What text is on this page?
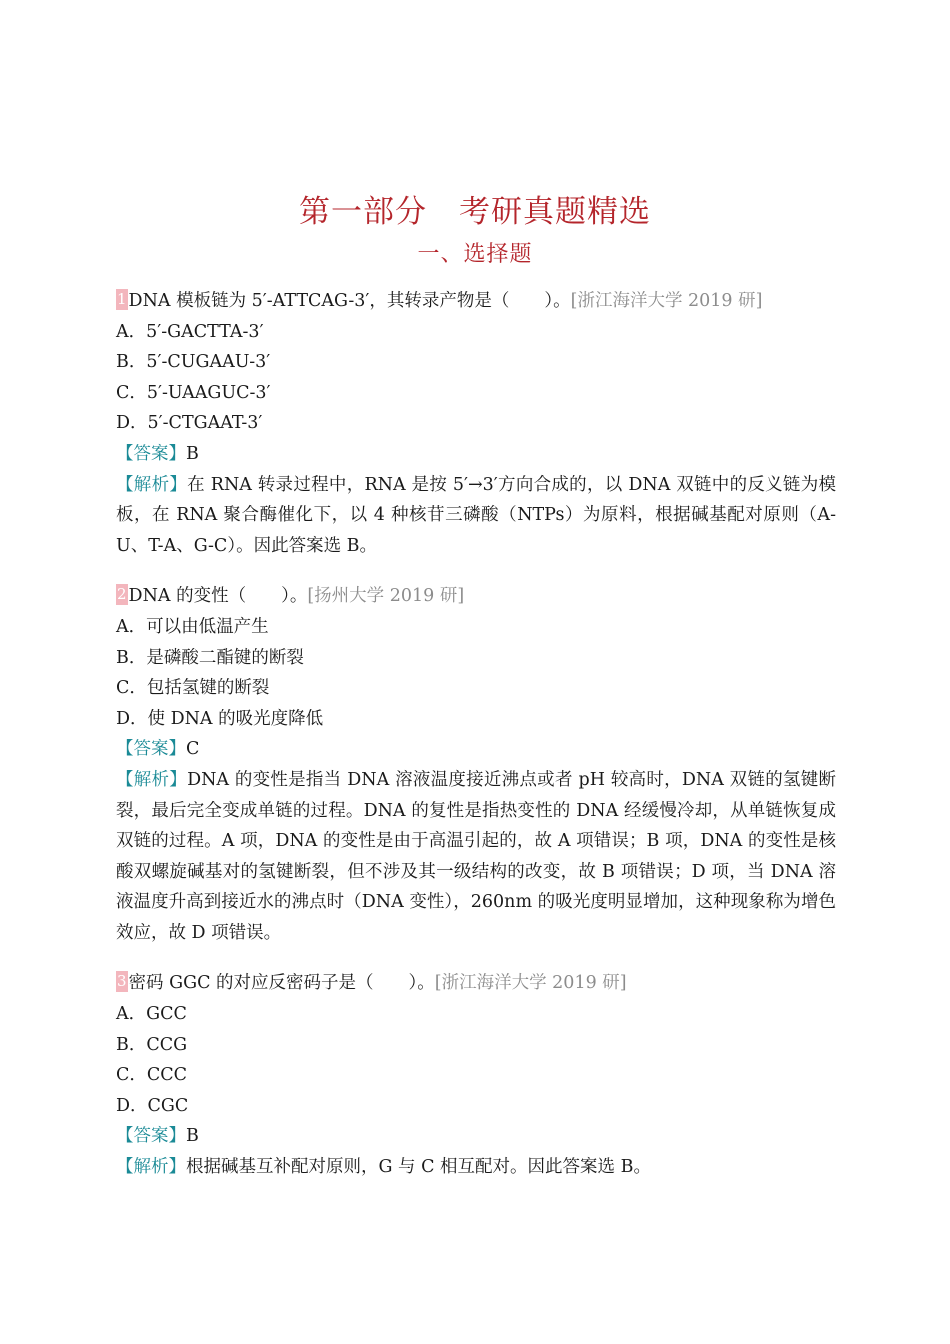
第一部分　考研真题精选
一、选择题
1 DNA 模板链为 5′-ATTCAG-3′，其转录产物是（　　）。[浙江海洋大学 2019 研]
A．5′-GACTTA-3′
B．5′-CUGAAU-3′
C．5′-UAAGUC-3′
D．5′-CTGAAT-3′
【答案】B
【解析】在 RNA 转录过程中，RNA 是按 5′→3′方向合成的，以 DNA 双链中的反义链为模板，在 RNA 聚合酶催化下，以 4 种核苷三磷酸（NTPs）为原料，根据碱基配对原则（A-U、T-A、G-C）。因此答案选 B。
2 DNA 的变性（　　）。[扬州大学 2019 研]
A．可以由低温产生
B．是磷酸二酯键的断裂
C．包括氢键的断裂
D．使 DNA 的吸光度降低
【答案】C
【解析】DNA 的变性是指当 DNA 溶液温度接近沸点或者 pH 较高时，DNA 双链的氢键断裂，最后完全变成单链的过程。DNA 的复性是指热变性的 DNA 经缓慢冷却，从单链恢复成双链的过程。A 项，DNA 的变性是由于高温引起的，故 A 项错误；B 项，DNA 的变性是核酸双螺旋碱基对的氢键断裂，但不涉及其一级结构的改变，故 B 项错误；D 项，当 DNA 溶液温度升高到接近水的沸点时（DNA 变性），260nm 的吸光度明显增加，这种现象称为增色效应，故 D 项错误。
3 密码 GGC 的对应反密码子是（　　）。[浙江海洋大学 2019 研]
A．GCC
B．CCG
C．CCC
D．CGC
【答案】B
【解析】根据碱基互补配对原则，G 与 C 相互配对。因此答案选 B。
